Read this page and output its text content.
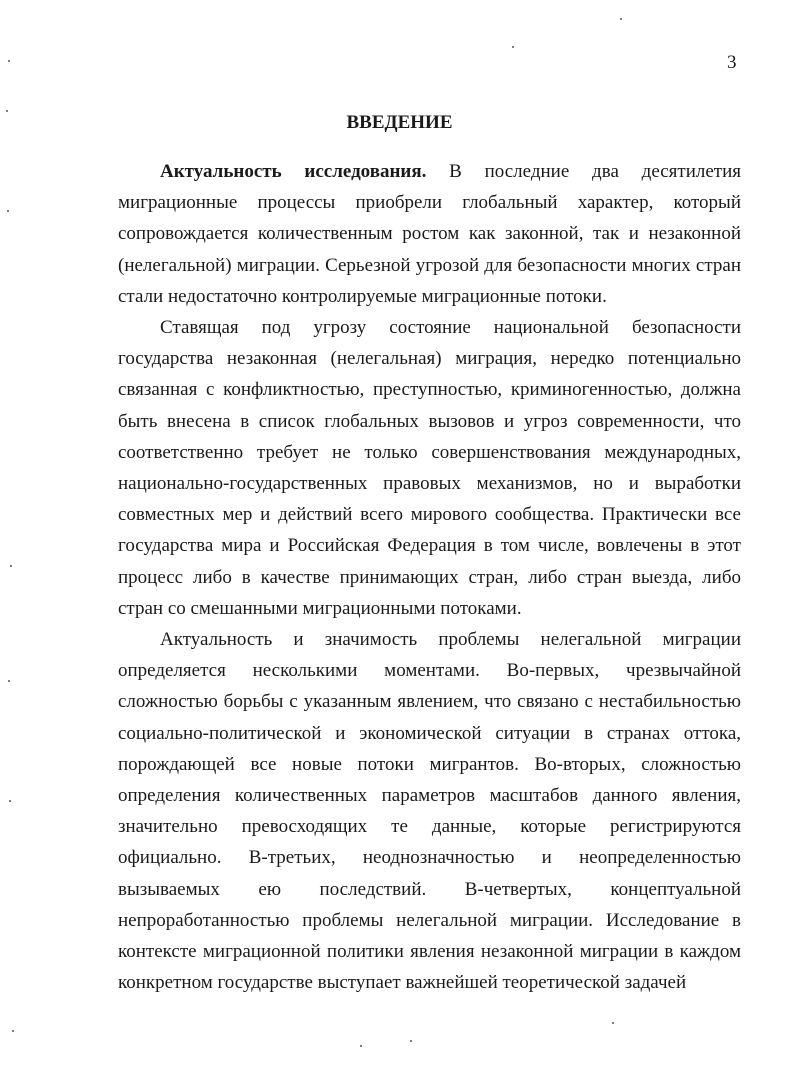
3
ВВЕДЕНИЕ

Актуальность исследования. В последние два десятилетия миграционные процессы приобрели глобальный характер, который сопровождается количественным ростом как законной, так и незаконной (нелегальной) миграции. Серьезной угрозой для безопасности многих стран стали недостаточно контролируемые миграционные потоки.

Ставящая под угрозу состояние национальной безопасности государства незаконная (нелегальная) миграция, нередко потенциально связанная с конфликтностью, преступностью, криминогенностью, должна быть внесена в список глобальных вызовов и угроз современности, что соответственно требует не только совершенствования международных, национально-государственных правовых механизмов, но и выработки совместных мер и действий всего мирового сообщества. Практически все государства мира и Российская Федерация в том числе, вовлечены в этот процесс либо в качестве принимающих стран, либо стран выезда, либо стран со смешанными миграционными потоками.

Актуальность и значимость проблемы нелегальной миграции определяется несколькими моментами. Во-первых, чрезвычайной сложностью борьбы с указанным явлением, что связано с нестабильностью социально-политической и экономической ситуации в странах оттока, порождающей все новые потоки мигрантов. Во-вторых, сложностью определения количественных параметров масштабов данного явления, значительно превосходящих те данные, которые регистрируются официально. В-третьих, неоднозначностью и неопределенностью вызываемых ею последствий. В-четвертых, концептуальной непроработанностью проблемы нелегальной миграции. Исследование в контексте миграционной политики явления незаконной миграции в каждом конкретном государстве выступает важнейшей теоретической задачей
